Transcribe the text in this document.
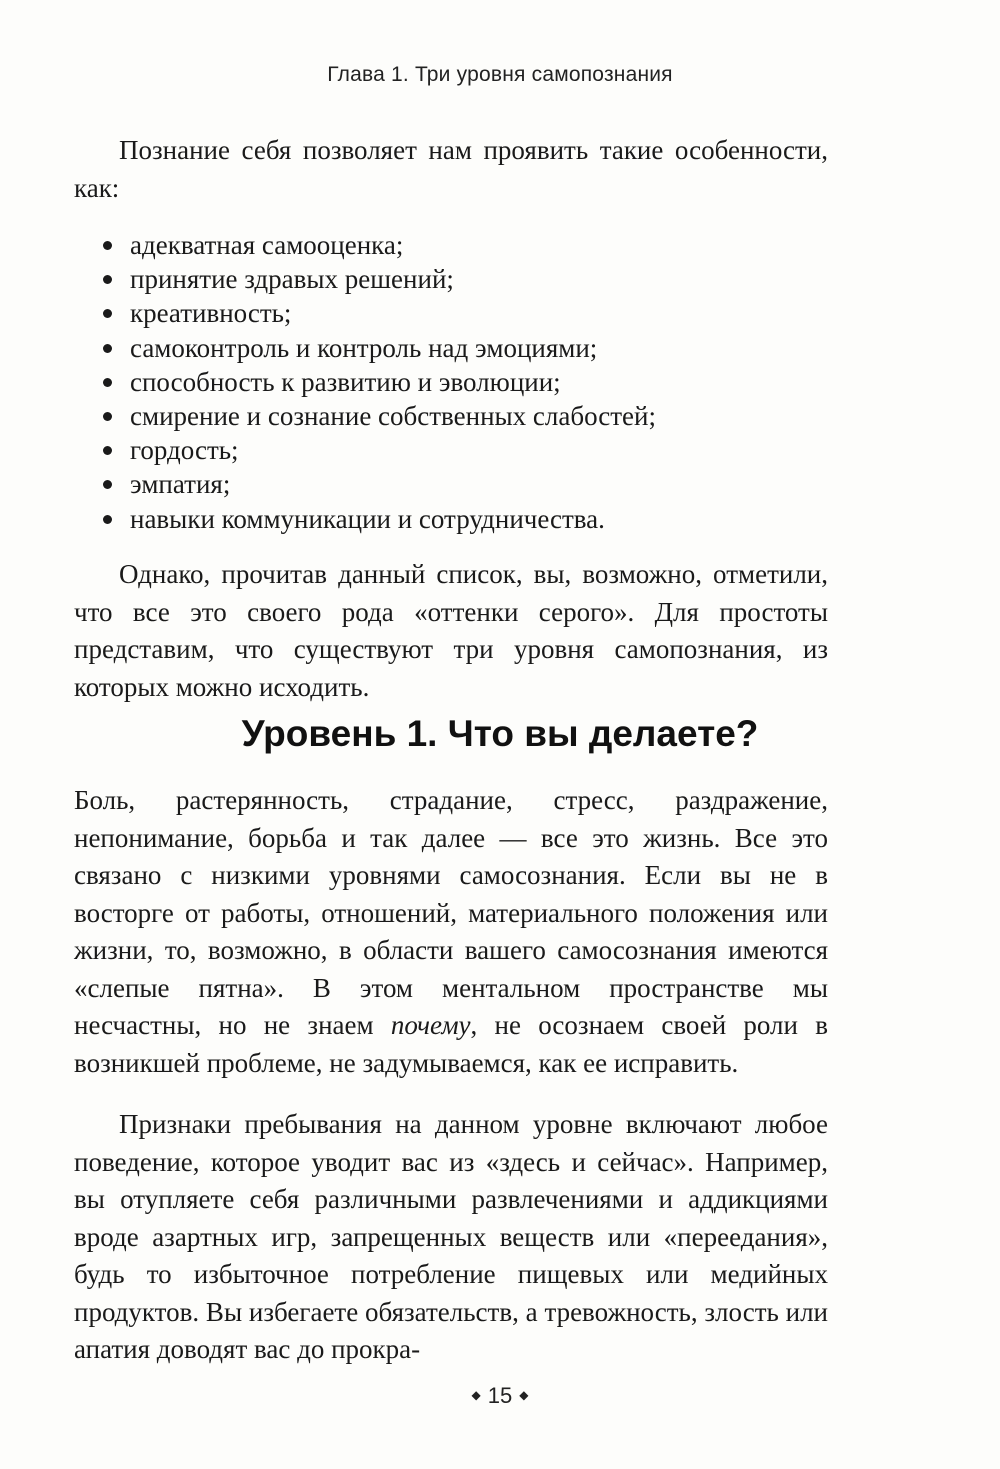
Глава 1. Три уровня самопознания

Познание себя позволяет нам проявить такие особенности, как:

адекватная самооценка;
принятие здравых решений;
креативность;
самоконтроль и контроль над эмоциями;
способность к развитию и эволюции;
смирение и сознание собственных слабостей;
гордость;
эмпатия;
навыки коммуникации и сотрудничества.

Однако, прочитав данный список, вы, возможно, отметили, что все это своего рода «оттенки серого». Для простоты представим, что существуют три уровня самопознания, из которых можно исходить.

Уровень 1. Что вы делаете?

Боль, растерянность, страдание, стресс, раздражение, непонимание, борьба и так далее — все это жизнь. Все это связано с низкими уровнями самосознания. Если вы не в восторге от работы, отношений, материального положения или жизни, то, возможно, в области вашего самосознания имеются «слепые пятна». В этом ментальном пространстве мы несчастны, но не знаем почему, не осознаем своей роли в возникшей проблеме, не задумываемся, как ее исправить.

Признаки пребывания на данном уровне включают любое поведение, которое уводит вас из «здесь и сейчас». Например, вы отупляете себя различными развлечениями и аддикциями вроде азартных игр, запрещенных веществ или «переедания», будь то избыточное потребление пищевых или медийных продуктов. Вы избегаете обязательств, а тревожность, злость или апатия доводят вас до прокра-

◆ 15 ◆
